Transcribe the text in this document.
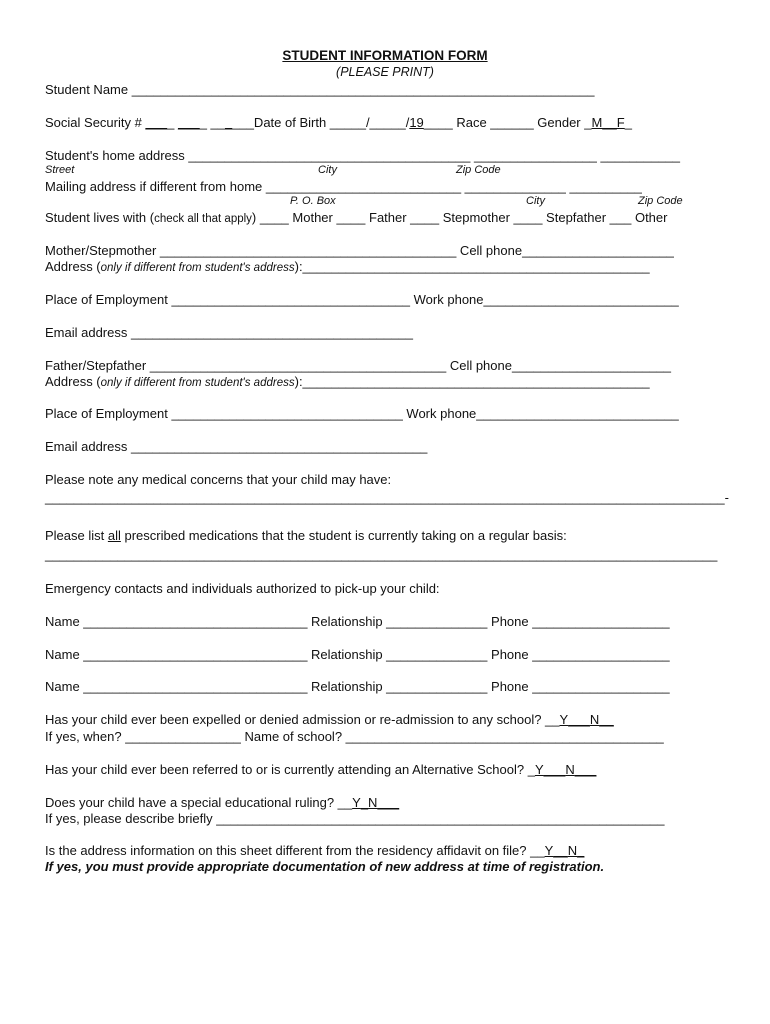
STUDENT INFORMATION FORM
(PLEASE PRINT)
Student Name ________________________________________________________________
Social Security # ____ ____ ______Date of Birth _____/_____/19____ Race ______ Gender _M__F_
Student's home address _______________________________________ _________________ ___________
Street	City	Zip Code
Mailing address if different from home ___________________________ ______________ __________
P. O. Box	City	Zip Code
Student lives with (check all that apply) ____ Mother ____ Father ____ Stepmother ____ Stepfather ___ Other
Mother/Stepmother _________________________________________ Cell phone_____________________
Address (only if different from student's address):________________________________________________
Place of Employment _________________________________ Work phone___________________________
Email address _______________________________________
Father/Stepfather _________________________________________ Cell phone______________________
Address (only if different from student's address):________________________________________________
Place of Employment ________________________________ Work phone____________________________
Email address _________________________________________
Please note any medical concerns that your child may have:
______________________________________________________________________________________________-
Please list all prescribed medications that the student is currently taking on a regular basis:
_____________________________________________________________________________________________
Emergency contacts and individuals authorized to pick-up your child:
Name _______________________________ Relationship ______________ Phone ___________________
Name _______________________________ Relationship ______________ Phone ___________________
Name _______________________________ Relationship ______________ Phone ___________________
Has your child ever been expelled or denied admission or re-admission to any school? __Y___N__
If yes, when? ________________ Name of school? ____________________________________________
Has your child ever been referred to or is currently attending an Alternative School? _Y___N___
Does your child have a special educational ruling? __Y_N___
If yes, please describe briefly ______________________________________________________________
Is the address information on this sheet different from the residency affidavit on file? __Y__N_
If yes, you must provide appropriate documentation of new address at time of registration.
